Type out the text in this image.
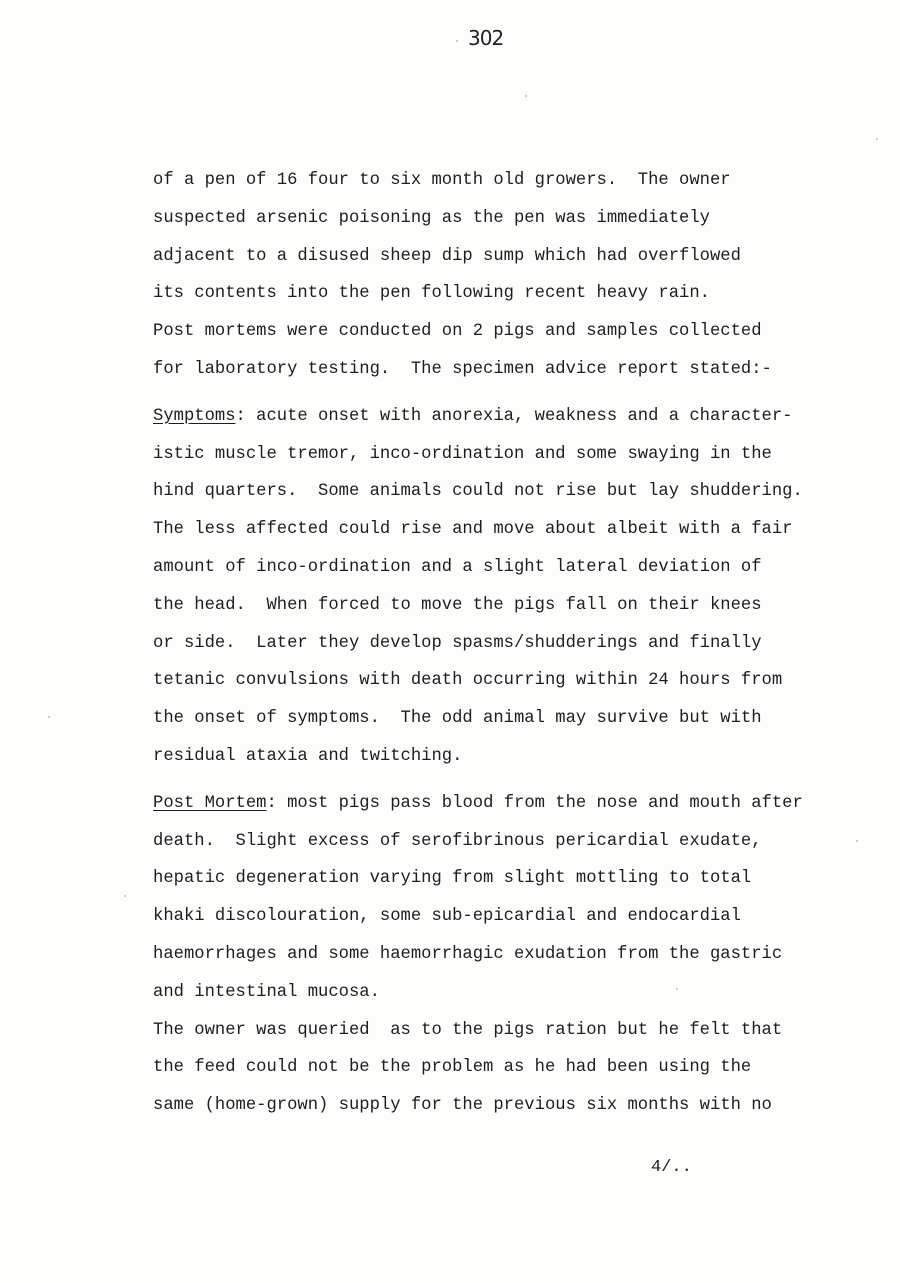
302
of a pen of 16 four to six month old growers.  The owner
suspected arsenic poisoning as the pen was immediately
adjacent to a disused sheep dip sump which had overflowed
its contents into the pen following recent heavy rain.
Post mortems were conducted on 2 pigs and samples collected
for laboratory testing.  The specimen advice report stated:-
Symptoms: acute onset with anorexia, weakness and a character-
istic muscle tremor, inco-ordination and some swaying in the
hind quarters.  Some animals could not rise but lay shuddering.
The less affected could rise and move about albeit with a fair
amount of inco-ordination and a slight lateral deviation of
the head.  When forced to move the pigs fall on their knees
or side.  Later they develop spasms/shudderings and finally
tetanic convulsions with death occurring within 24 hours from
the onset of symptoms.  The odd animal may survive but with
residual ataxia and twitching.
Post Mortem: most pigs pass blood from the nose and mouth after
death.  Slight excess of serofibrinous pericardial exudate,
hepatic degeneration varying from slight mottling to total
khaki discolouration, some sub-epicardial and endocardial
haemorrhages and some haemorrhagic exudation from the gastric
and intestinal mucosa.
The owner was queried  as to the pigs ration but he felt that
the feed could not be the problem as he had been using the
same (home-grown) supply for the previous six months with no
4/..
